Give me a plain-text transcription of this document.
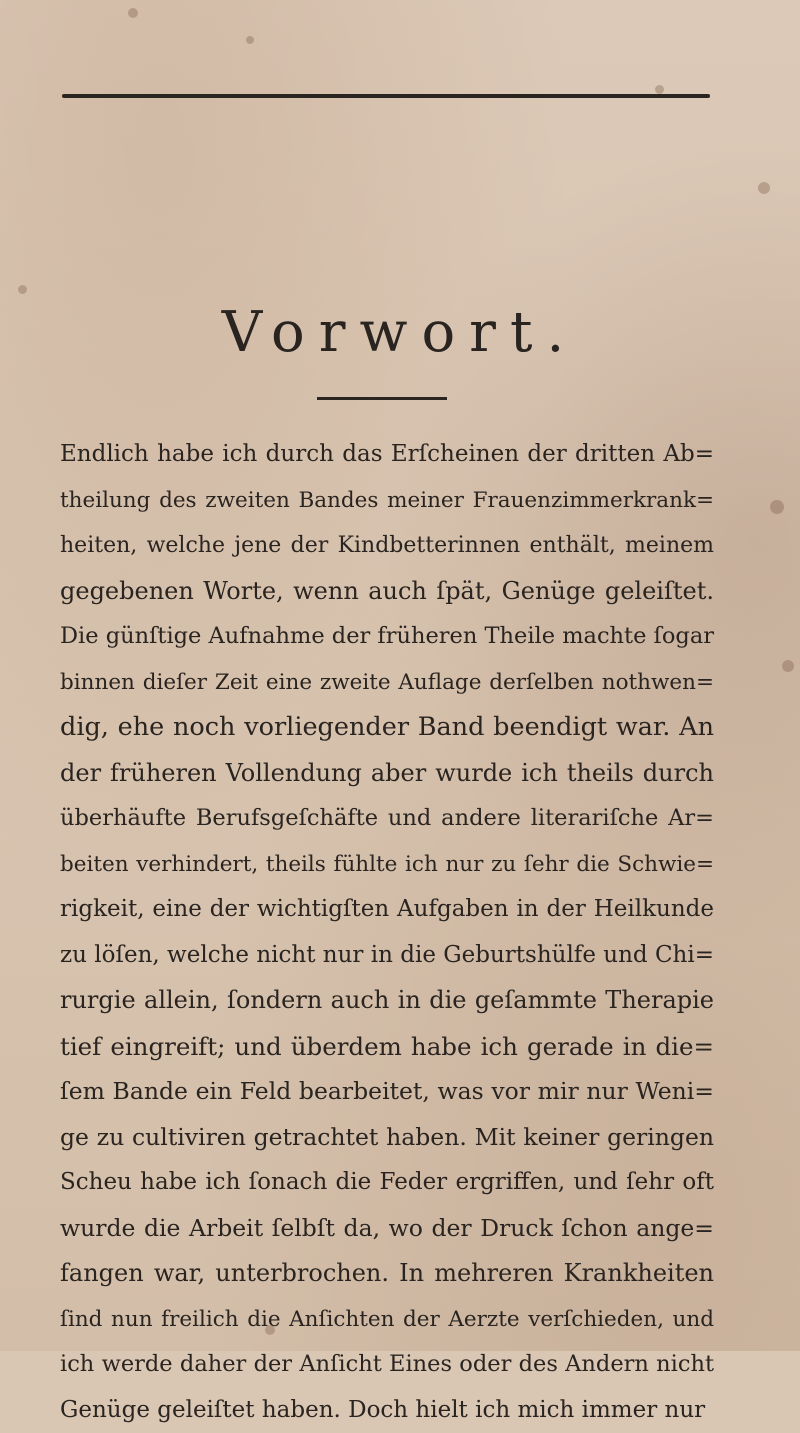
Vorwort.
Endlich habe ich durch das Erſcheinen der dritten Ab=
theilung des zweiten Bandes meiner Frauenzimmerkrank=
heiten, welche jene der Kindbetterinnen enthält, meinem
gegebenen Worte, wenn auch ſpät, Genüge geleiſtet.
Die günſtige Aufnahme der früheren Theile machte ſogar
binnen dieſer Zeit eine zweite Auflage derſelben nothwen=
dig, ehe noch vorliegender Band beendigt war. An
der früheren Vollendung aber wurde ich theils durch
überhäufte Berufsgeſchäfte und andere literariſche Ar=
beiten verhindert, theils fühlte ich nur zu ſehr die Schwie=
rigkeit, eine der wichtigſten Aufgaben in der Heilkunde
zu löſen, welche nicht nur in die Geburtshülfe und Chi=
rurgie allein, ſondern auch in die geſammte Therapie
tief eingreift; und überdem habe ich gerade in die=
ſem Bande ein Feld bearbeitet, was vor mir nur Weni=
ge zu cultiviren getrachtet haben. Mit keiner geringen
Scheu habe ich ſonach die Feder ergriffen, und ſehr oft
wurde die Arbeit ſelbſt da, wo der Druck ſchon ange=
fangen war, unterbrochen. In mehreren Krankheiten
ſind nun freilich die Anſichten der Aerzte verſchieden, und
ich werde daher der Anſicht Eines oder des Andern nicht
Genüge geleiſtet haben. Doch hielt ich mich immer nur
